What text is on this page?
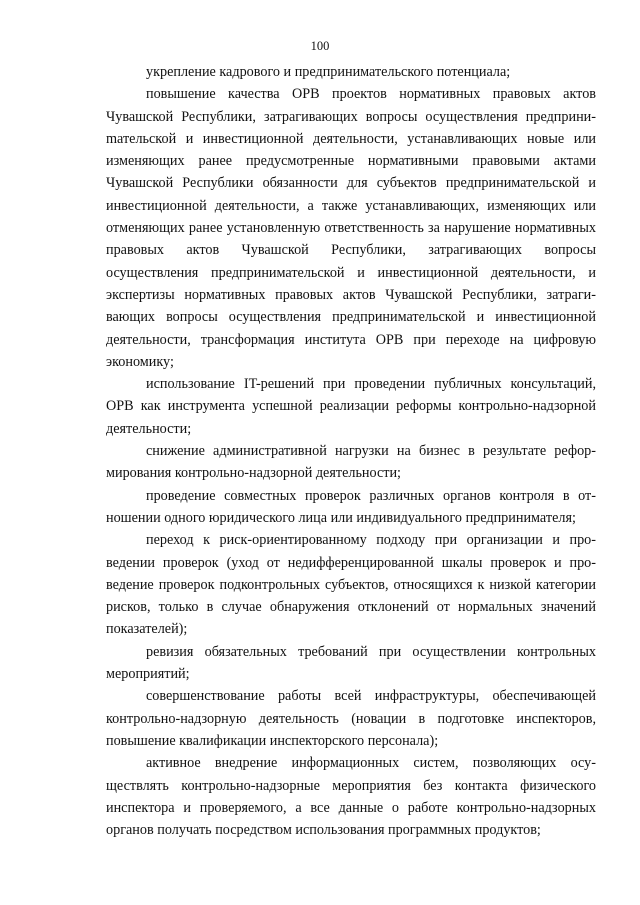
100

укрепление кадрового и предпринимательского потенциала;

повышение качества ОРВ проектов нормативных правовых актов Чувашской Республики, затрагивающих вопросы осуществления предприниmательской и инвестиционной деятельности, устанавливающих новые или изменяющих ранее предусмотренные нормативными правовыми актами Чувашской Республики обязанности для субъектов предпринимательской и инвестиционной деятельности, а также устанавливающих, изменяющих или отменяющих ранее установленную ответственность за нарушение нормативных правовых актов Чувашской Республики, затрагивающих вопросы осуществления предпринимательской и инвестиционной деятельности, и экспертизы нормативных правовых актов Чувашской Республики, затрагивающих вопросы осуществления предпринимательской и инвестиционной деятельности, трансформация института ОРВ при переходе на цифровую экономику;

использование IT-решений при проведении публичных консультаций, ОРВ как инструмента успешной реализации реформы контрольно-надзорной деятельности;

снижение административной нагрузки на бизнес в результате реформирования контрольно-надзорной деятельности;

проведение совместных проверок различных органов контроля в отношении одного юридического лица или индивидуального предпринимателя;

переход к риск-ориентированному подходу при организации и проведении проверок (уход от недифференцированной шкалы проверок и проведение проверок подконтрольных субъектов, относящихся к низкой категории рисков, только в случае обнаружения отклонений от нормальных значений показателей);

ревизия обязательных требований при осуществлении контрольных мероприятий;

совершенствование работы всей инфраструктуры, обеспечивающей контрольно-надзорную деятельность (новации в подготовке инспекторов, повышение квалификации инспекторского персонала);

активное внедрение информационных систем, позволяющих осуществлять контрольно-надзорные мероприятия без контакта физического инспектора и проверяемого, а все данные о работе контрольно-надзорных органов получать посредством использования программных продуктов;
